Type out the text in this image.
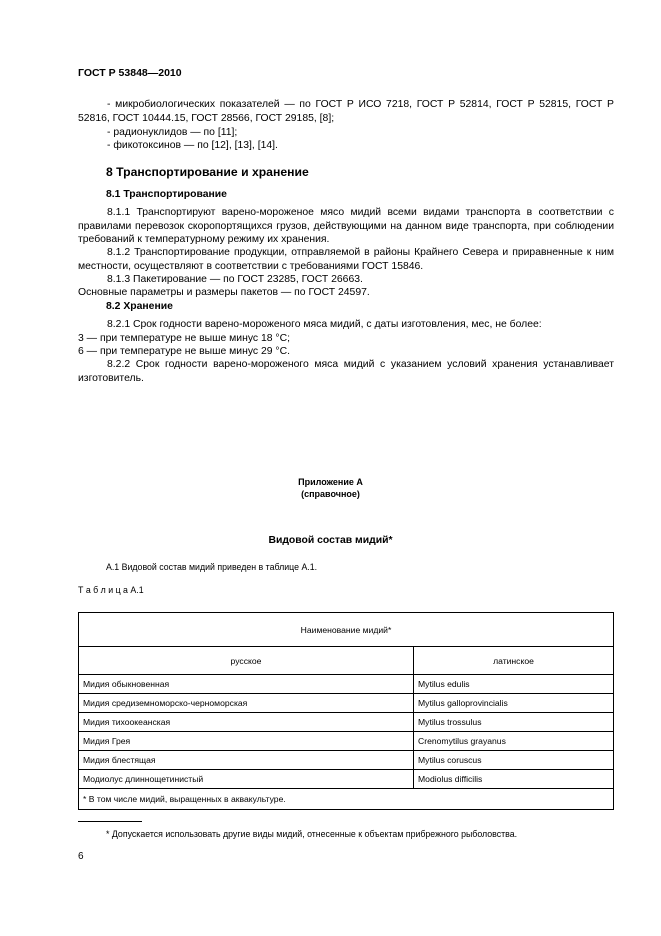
ГОСТ Р 53848—2010
- микробиологических показателей — по ГОСТ Р ИСО 7218, ГОСТ Р 52814, ГОСТ Р 52815, ГОСТ Р 52816, ГОСТ 10444.15, ГОСТ 28566, ГОСТ 29185, [8];
- радионуклидов — по [11];
- фикотоксинов — по [12], [13], [14].
8 Транспортирование и хранение
8.1 Транспортирование
8.1.1 Транспортируют варено-мороженое мясо мидий всеми видами транспорта в соответствии с правилами перевозок скоропортящихся грузов, действующими на данном виде транспорта, при соблюдении требований к температурному режиму их хранения.
8.1.2 Транспортирование продукции, отправляемой в районы Крайнего Севера и приравненные к ним местности, осуществляют в соответствии с требованиями ГОСТ 15846.
8.1.3 Пакетирование — по ГОСТ 23285, ГОСТ 26663.
Основные параметры и размеры пакетов — по ГОСТ 24597.
8.2 Хранение
8.2.1 Срок годности варено-мороженого мяса мидий, с даты изготовления, мес, не более:
3 — при температуре не выше минус 18 °С;
6 — при температуре не выше минус 29 °С.
8.2.2 Срок годности варено-мороженого мяса мидий с указанием условий хранения устанавливает изготовитель.
Приложение А
(справочное)
Видовой состав мидий*
А.1 Видовой состав мидий приведен в таблице А.1.
Т а б л и ц а А.1
Наименование мидий*	
русское	латинское
Мидия обыкновенная	Mytilus edulis
Мидия средиземноморско-черноморская	Mytilus galloprovincialis
Мидия тихоокеанская	Mytilus trossulus
Мидия Грея	Crenomytilus grayanus
Мидия блестящая	Mytilus coruscus
Модиолус длиннощетинистый	Modiolus difficilis
* В том числе мидий, выращенных в аквакультуре.	
* Допускается использовать другие виды мидий, отнесенные к объектам прибрежного рыболовства.
6
